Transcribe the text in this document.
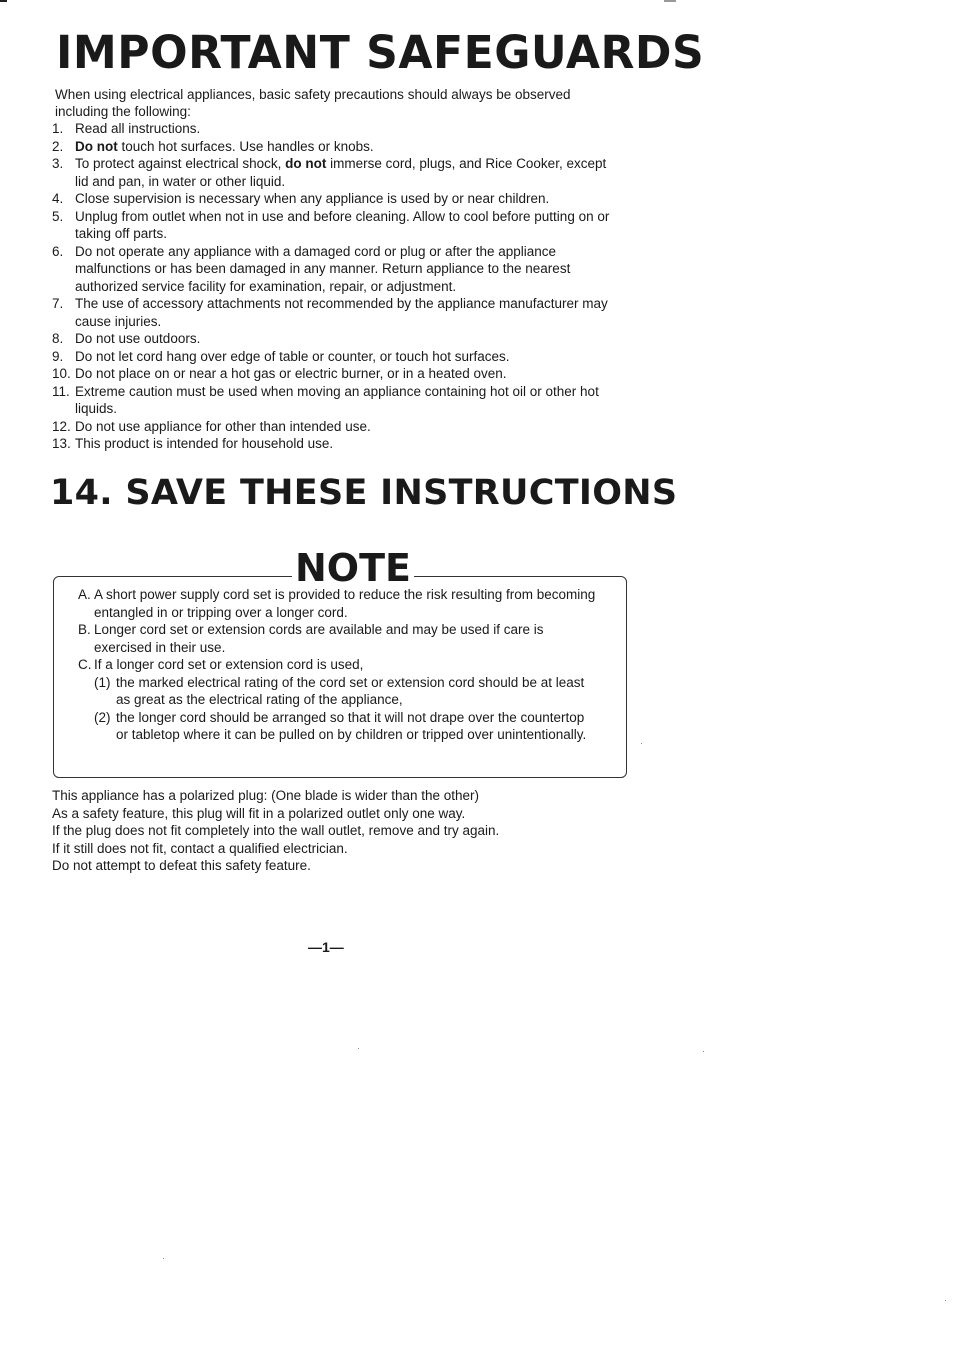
IMPORTANT SAFEGUARDS
When using electrical appliances, basic safety precautions should always be observed including the following:
1. Read all instructions.
2. Do not touch hot surfaces. Use handles or knobs.
3. To protect against electrical shock, do not immerse cord, plugs, and Rice Cooker, except lid and pan, in water or other liquid.
4. Close supervision is necessary when any appliance is used by or near children.
5. Unplug from outlet when not in use and before cleaning. Allow to cool before putting on or taking off parts.
6. Do not operate any appliance with a damaged cord or plug or after the appliance malfunctions or has been damaged in any manner. Return appliance to the nearest authorized service facility for examination, repair, or adjustment.
7. The use of accessory attachments not recommended by the appliance manufacturer may cause injuries.
8. Do not use outdoors.
9. Do not let cord hang over edge of table or counter, or touch hot surfaces.
10. Do not place on or near a hot gas or electric burner, or in a heated oven.
11. Extreme caution must be used when moving an appliance containing hot oil or other hot liquids.
12. Do not use appliance for other than intended use.
13. This product is intended for household use.
14. SAVE THESE INSTRUCTIONS
NOTE
A. A short power supply cord set is provided to reduce the risk resulting from becoming entangled in or tripping over a longer cord.
B. Longer cord set or extension cords are available and may be used if care is exercised in their use.
C. If a longer cord set or extension cord is used,
(1) the marked electrical rating of the cord set or extension cord should be at least as great as the electrical rating of the appliance,
(2) the longer cord should be arranged so that it will not drape over the countertop or tabletop where it can be pulled on by children or tripped over unintentionally.
This appliance has a polarized plug: (One blade is wider than the other)
As a safety feature, this plug will fit in a polarized outlet only one way.
If the plug does not fit completely into the wall outlet, remove and try again.
If it still does not fit, contact a qualified electrician.
Do not attempt to defeat this safety feature.
—1—
